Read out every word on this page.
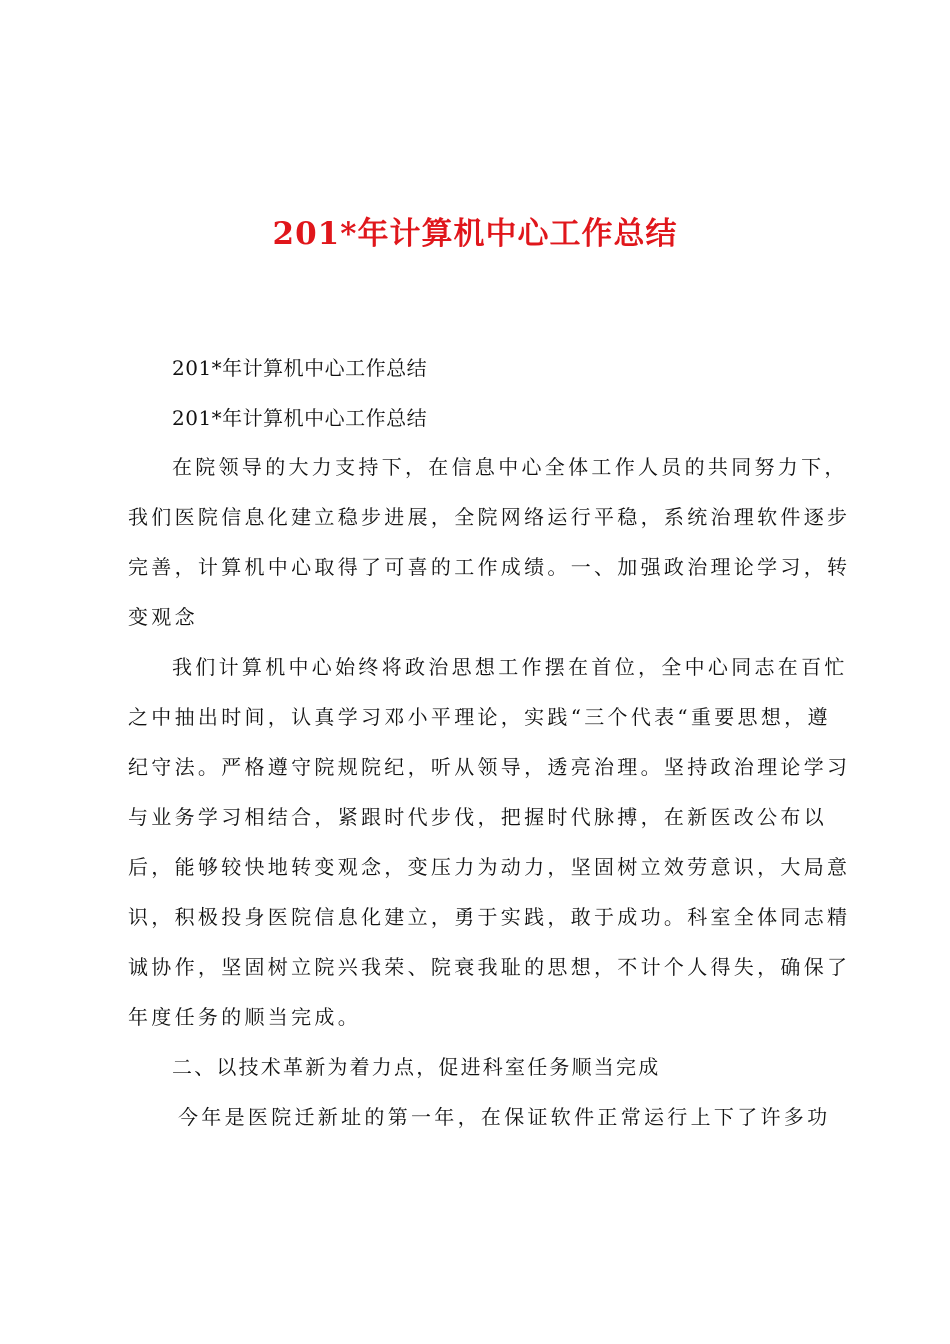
201*年计算机中心工作总结
201*年计算机中心工作总结
201*年计算机中心工作总结
在院领导的大力支持下，在信息中心全体工作人员的共同努力下，
我们医院信息化建立稳步进展，全院网络运行平稳，系统治理软件逐步
完善，计算机中心取得了可喜的工作成绩。一、加强政治理论学习，转
变观念
我们计算机中心始终将政治思想工作摆在首位，全中心同志在百忙
之中抽出时间，认真学习邓小平理论，实践“三个代表“重要思想，遵
纪守法。严格遵守院规院纪，听从领导，透亮治理。坚持政治理论学习
与业务学习相结合，紧跟时代步伐，把握时代脉搏，在新医改公布以
后，能够较快地转变观念，变压力为动力，坚固树立效劳意识，大局意
识，积极投身医院信息化建立，勇于实践，敢于成功。科室全体同志精
诚协作，坚固树立院兴我荣、院衰我耻的思想，不计个人得失，确保了
年度任务的顺当完成。
二、以技术革新为着力点，促进科室任务顺当完成
今年是医院迁新址的第一年，在保证软件正常运行上下了许多功
